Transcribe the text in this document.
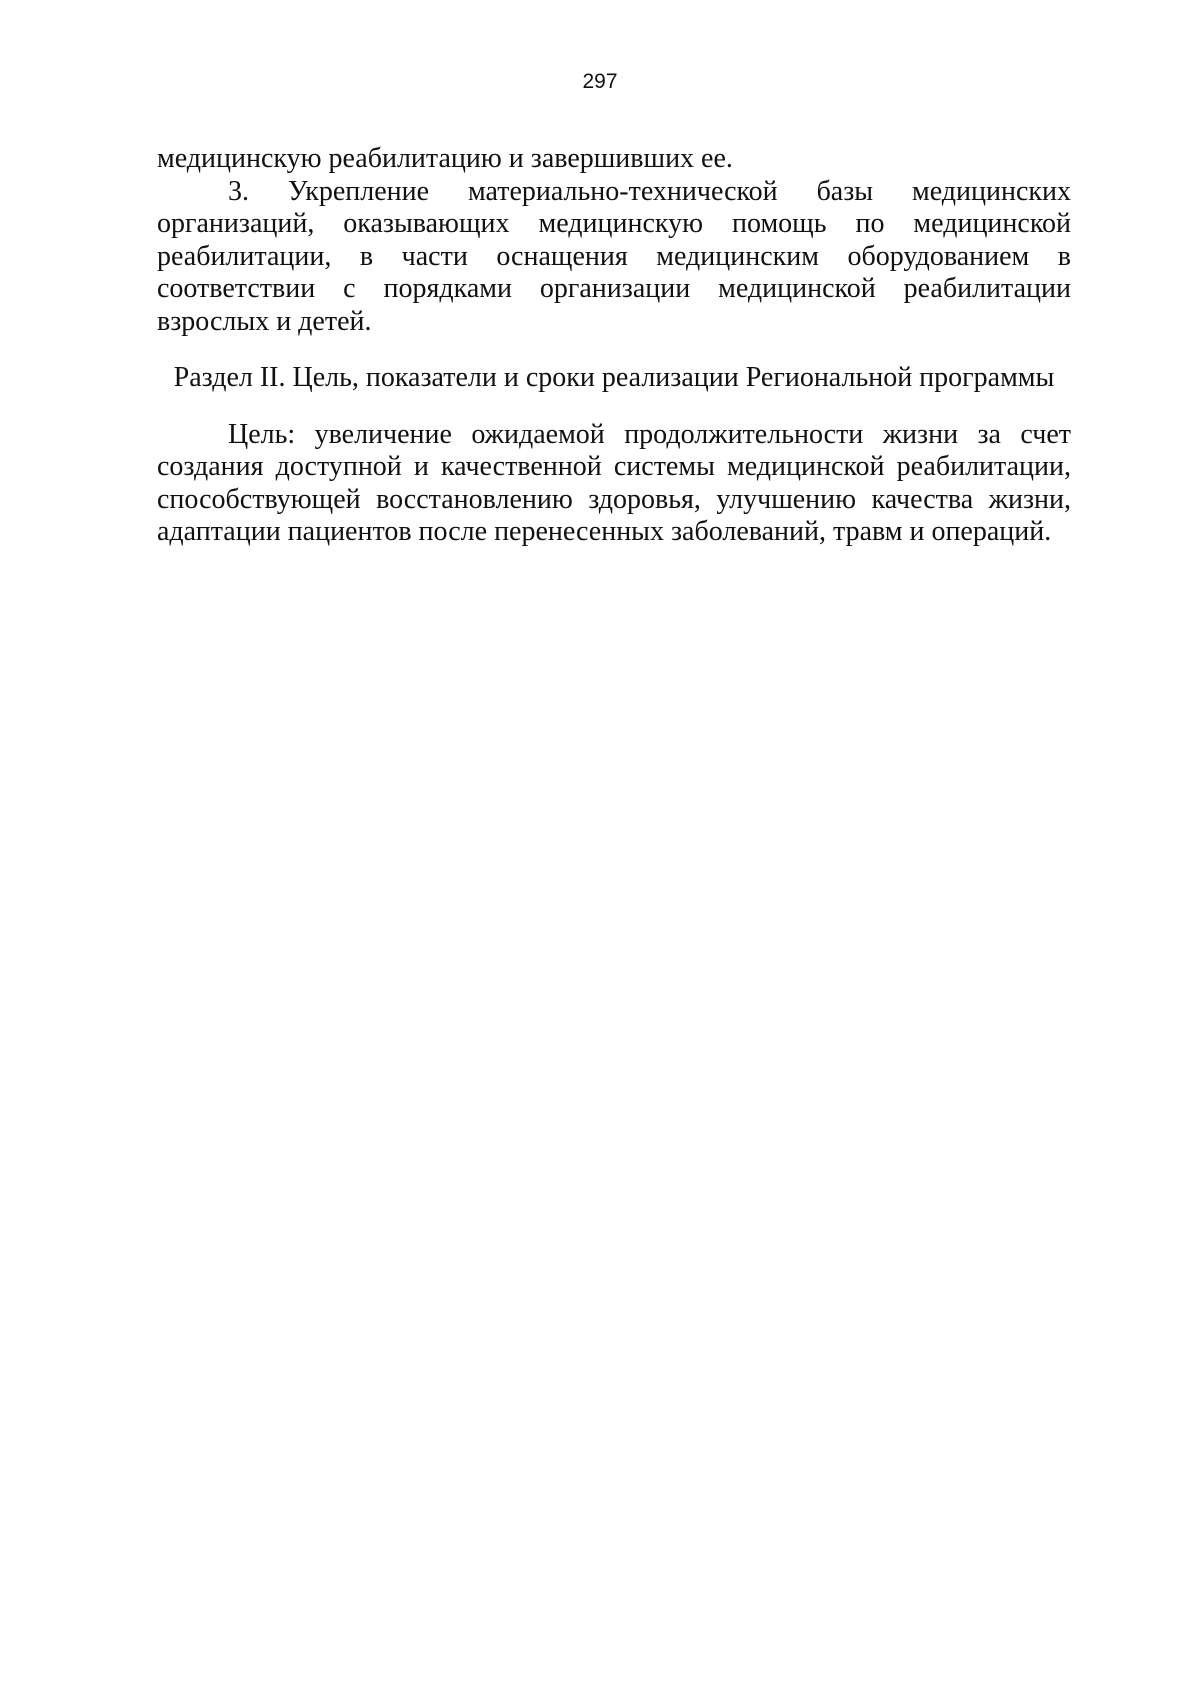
297

медицинскую реабилитацию и завершивших ее.

3. Укрепление материально-технической базы медицинских организаций, оказывающих медицинскую помощь по медицинской реабилитации, в части оснащения медицинским оборудованием в соответствии с порядками организации медицинской реабилитации взрослых и детей.

Раздел II. Цель, показатели и сроки реализации Региональной программы

Цель: увеличение ожидаемой продолжительности жизни за счет создания доступной и качественной системы медицинской реабилитации, способствующей восстановлению здоровья, улучшению качества жизни, адаптации пациентов после перенесенных заболеваний, травм и операций.
